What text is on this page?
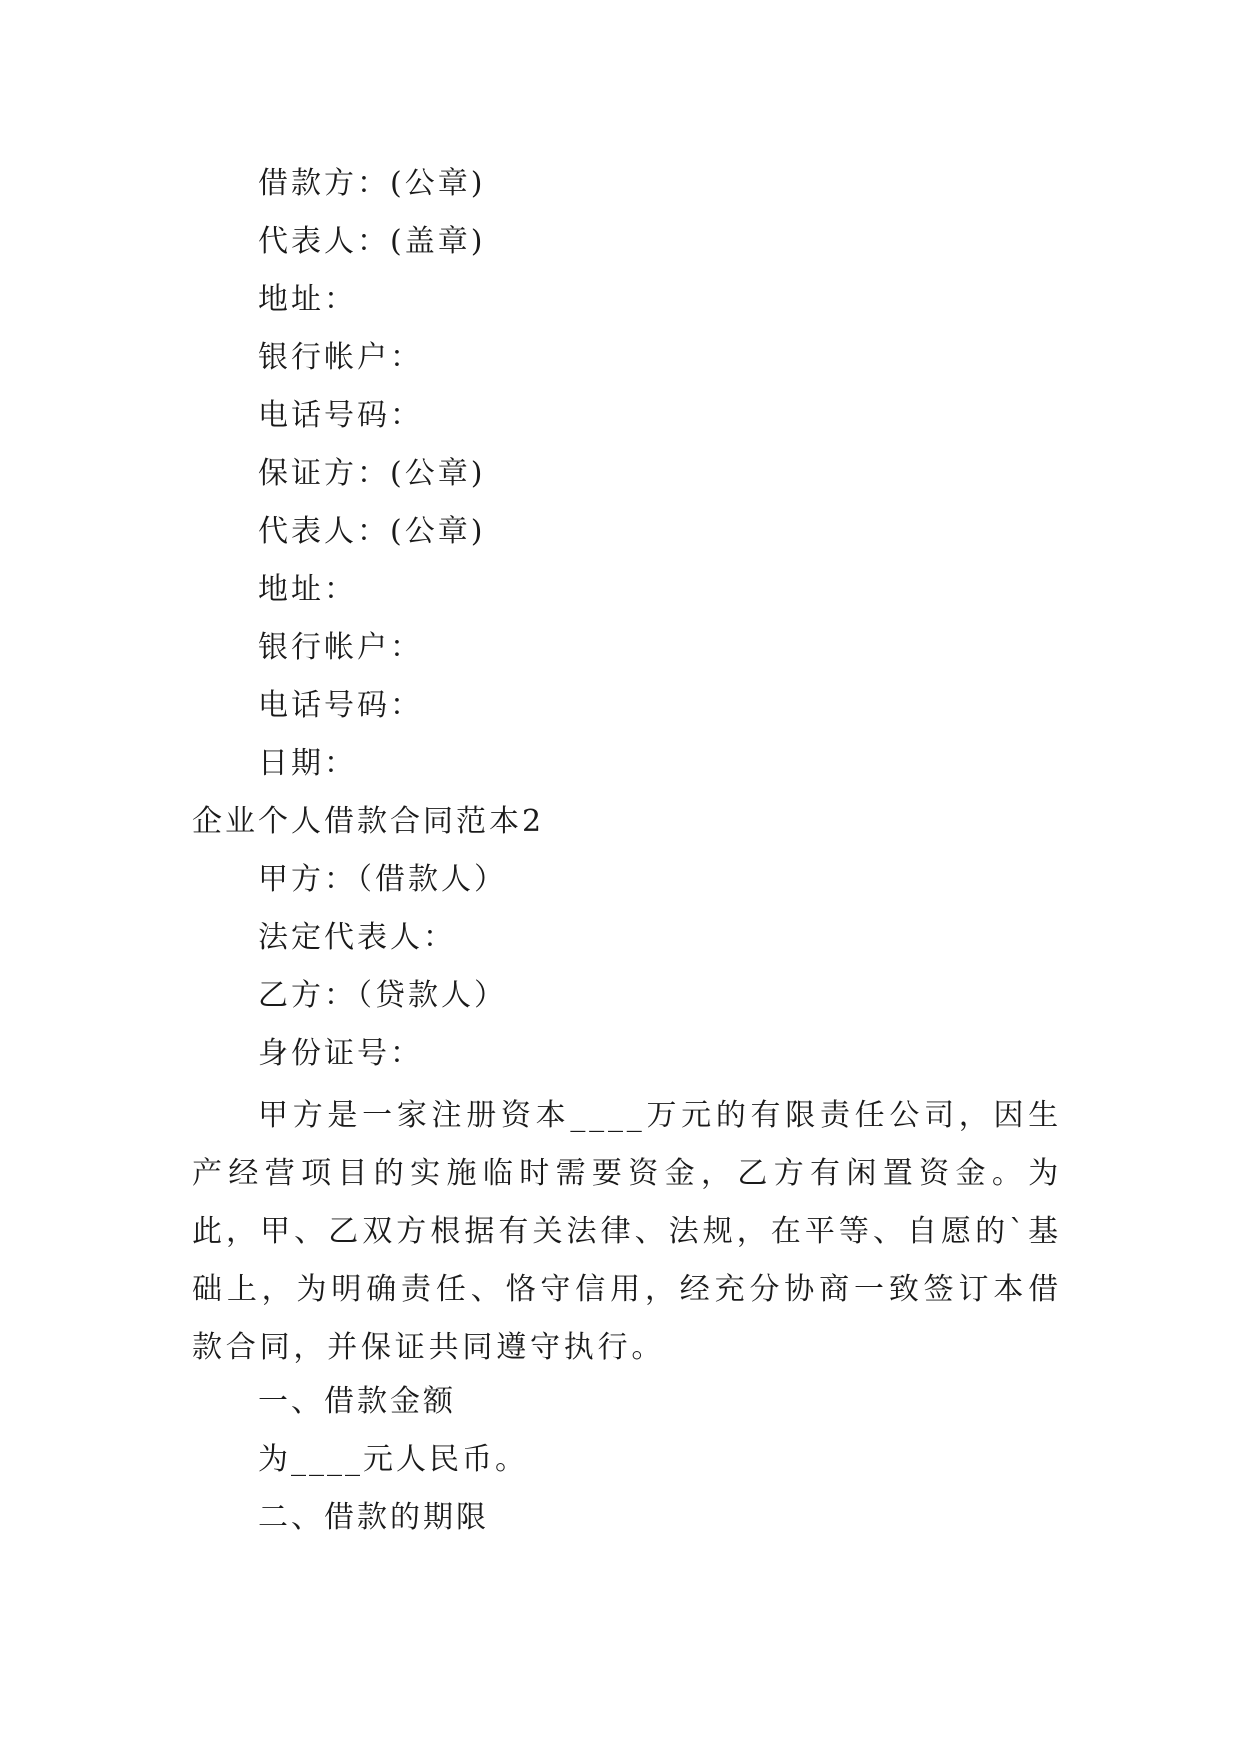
借款方：(公章)
代表人：(盖章)
地址：
银行帐户：
电话号码：
保证方：(公章)
代表人：(公章)
地址：
银行帐户：
电话号码：
日期：
企业个人借款合同范本2
甲方：（借款人）
法定代表人：
乙方：（贷款人）
身份证号：
甲方是一家注册资本____万元的有限责任公司，因生产经营项目的实施临时需要资金，乙方有闲置资金。为此，甲、乙双方根据有关法律、法规，在平等、自愿的`基础上，为明确责任、恪守信用，经充分协商一致签订本借款合同，并保证共同遵守执行。
一、借款金额
为____元人民币。
二、借款的期限
